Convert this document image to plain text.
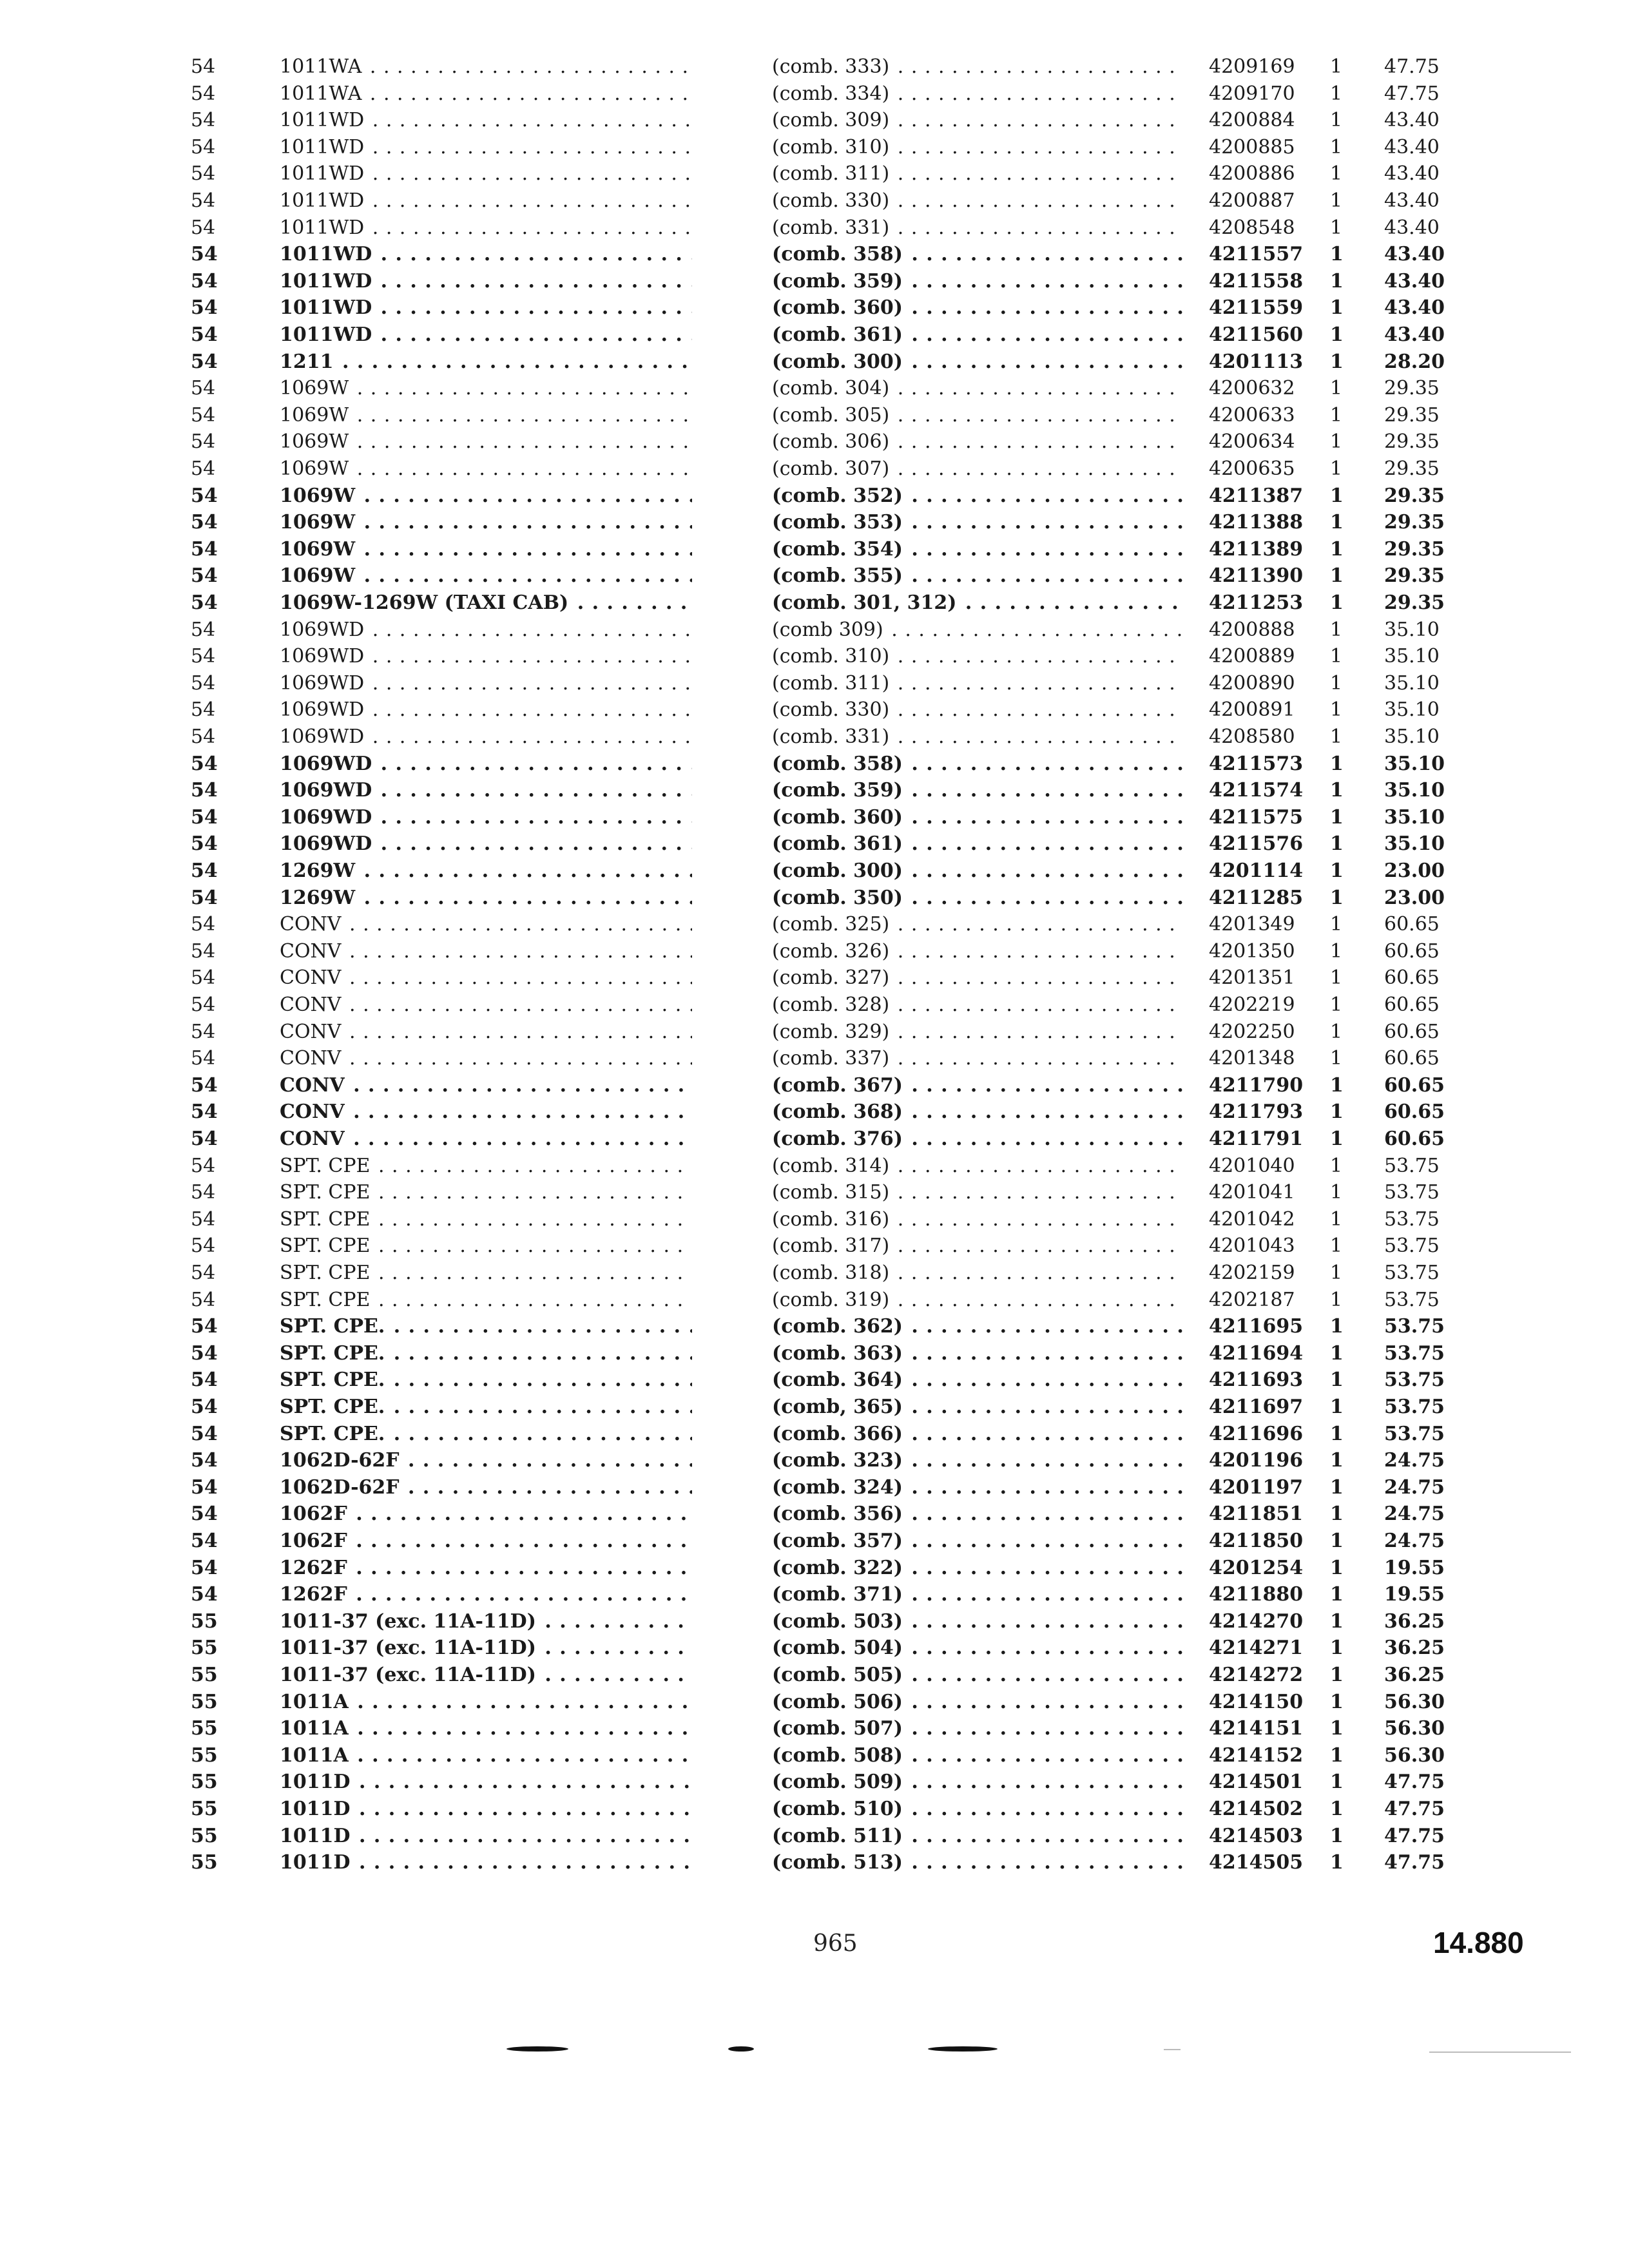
54	1011WA . . .	(comb. 333) . . .	4209169	1	47.75
54	1011WA . . .	(comb. 334) . . .	4209170	1	47.75
54	1011WD . . .	(comb. 309) . . .	4200884	1	43.40
54	1011WD . . .	(comb. 310) . . .	4200885	1	43.40
54	1011WD . . .	(comb. 311) . . .	4200886	1	43.40
54	1011WD . . .	(comb. 330) . . .	4200887	1	43.40
54	1011WD . . .	(comb. 331) . . .	4208548	1	43.40
54	1011WD . . .	(comb. 358) . . .	4211557	1	43.40
54	1011WD . . .	(comb. 359) . . .	4211558	1	43.40
54	1011WD . . .	(comb. 360) . . .	4211559	1	43.40
54	1011WD . . .	(comb. 361) . . .	4211560	1	43.40
54	1211 . . .	(comb. 300) . . .	4201113	1	28.20
54	1069W . . .	(comb. 304) . . .	4200632	1	29.35
54	1069W . . .	(comb. 305) . . .	4200633	1	29.35
54	1069W . . .	(comb. 306) . . .	4200634	1	29.35
54	1069W . . .	(comb. 307) . . .	4200635	1	29.35
54	1069W . . .	(comb. 352) . . .	4211387	1	29.35
54	1069W . . .	(comb. 353) . . .	4211388	1	29.35
54	1069W . . .	(comb. 354) . . .	4211389	1	29.35
54	1069W . . .	(comb. 355) . . .	4211390	1	29.35
54	1069W-1269W (TAXI CAB) . . .	(comb. 301, 312) . . .	4211253	1	29.35
54	1069WD . . .	(comb 309) . . .	4200888	1	35.10
54	1069WD . . .	(comb. 310) . . .	4200889	1	35.10
54	1069WD . . .	(comb. 311) . . .	4200890	1	35.10
54	1069WD . . .	(comb. 330) . . .	4200891	1	35.10
54	1069WD . . .	(comb. 331) . . .	4208580	1	35.10
54	1069WD . . .	(comb. 358) . . .	4211573	1	35.10
54	1069WD . . .	(comb. 359) . . .	4211574	1	35.10
54	1069WD . . .	(comb. 360) . . .	4211575	1	35.10
54	1069WD . . .	(comb. 361) . . .	4211576	1	35.10
54	1269W . . .	(comb. 300) . . .	4201114	1	23.00
54	1269W . . .	(comb. 350) . . .	4211285	1	23.00
54	CONV . . .	(comb. 325) . . .	4201349	1	60.65
54	CONV . . .	(comb. 326) . . .	4201350	1	60.65
54	CONV . . .	(comb. 327) . . .	4201351	1	60.65
54	CONV . . .	(comb. 328) . . .	4202219	1	60.65
54	CONV . . .	(comb. 329) . . .	4202250	1	60.65
54	CONV . . .	(comb. 337) . . .	4201348	1	60.65
54	CONV . . .	(comb. 367) . . .	4211790	1	60.65
54	CONV . . .	(comb. 368) . . .	4211793	1	60.65
54	CONV . . .	(comb. 376) . . .	4211791	1	60.65
54	SPT. CPE . . .	(comb. 314) . . .	4201040	1	53.75
54	SPT. CPE . . .	(comb. 315) . . .	4201041	1	53.75
54	SPT. CPE . . .	(comb. 316) . . .	4201042	1	53.75
54	SPT. CPE . . .	(comb. 317) . . .	4201043	1	53.75
54	SPT. CPE . . .	(comb. 318) . . .	4202159	1	53.75
54	SPT. CPE . . .	(comb. 319) . . .	4202187	1	53.75
54	SPT. CPE. . . .	(comb. 362) . . .	4211695	1	53.75
54	SPT. CPE. . . .	(comb. 363) . . .	4211694	1	53.75
54	SPT. CPE. . . .	(comb. 364) . . .	4211693	1	53.75
54	SPT. CPE. . . .	(comb, 365) . . .	4211697	1	53.75
54	SPT. CPE. . . .	(comb. 366) . . .	4211696	1	53.75
54	1062D-62F . . .	(comb. 323) . . .	4201196	1	24.75
54	1062D-62F . . .	(comb. 324) . . .	4201197	1	24.75
54	1062F . . .	(comb. 356) . . .	4211851	1	24.75
54	1062F . . .	(comb. 357) . . .	4211850	1	24.75
54	1262F . . .	(comb. 322) . . .	4201254	1	19.55
54	1262F . . .	(comb. 371) . . .	4211880	1	19.55
55	1011-37 (exc. 11A-11D) . . .	(comb. 503) . . .	4214270	1	36.25
55	1011-37 (exc. 11A-11D) . . .	(comb. 504) . . .	4214271	1	36.25
55	1011-37 (exc. 11A-11D) . . .	(comb. 505) . . .	4214272	1	36.25
55	1011A . . .	(comb. 506) . . .	4214150	1	56.30
55	1011A . . .	(comb. 507) . . .	4214151	1	56.30
55	1011A . . .	(comb. 508) . . .	4214152	1	56.30
55	1011D . . .	(comb. 509) . . .	4214501	1	47.75
55	1011D . . .	(comb. 510) . . .	4214502	1	47.75
55	1011D . . .	(comb. 511) . . .	4214503	1	47.75
55	1011D . . .	(comb. 513) . . .	4214505	1	47.75
965	14.880
